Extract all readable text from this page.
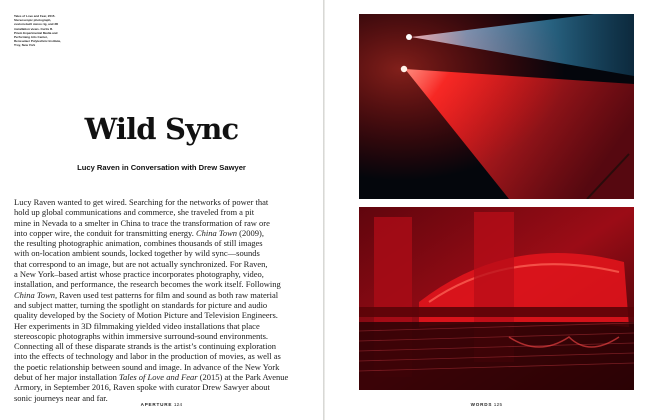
Tales of Love and Fear, 2015. Stereoscopic photograph, custom-built stereo rig, and 3D installation views. Curtis R. Priem Experimental Media and Performing Arts Center, Rensselaer Polytechnic Institute, Troy, New York
Wild Sync
Lucy Raven in Conversation with Drew Sawyer
Lucy Raven wanted to get wired. Searching for the networks of power that
hold up global communications and commerce, she traveled from a pit
mine in Nevada to a smelter in China to trace the transformation of raw ore
into copper wire, the conduit for transmitting energy. China Town (2009),
the resulting photographic animation, combines thousands of still images
with on-location ambient sounds, locked together by wild sync—sounds
that correspond to an image, but are not actually synchronized. For Raven,
a New York–based artist whose practice incorporates photography, video,
installation, and performance, the research becomes the work itself. Following
China Town, Raven used test patterns for film and sound as both raw material
and subject matter, turning the spotlight on standards for picture and audio
quality developed by the Society of Motion Picture and Television Engineers.
Her experiments in 3D filmmaking yielded video installations that place
stereoscopic photographs within immersive surround-sound environments.
Connecting all of these disparate strands is the artist’s continuing exploration
into the effects of technology and labor in the production of movies, as well as
the poetic relationship between sound and image. In advance of the New York
debut of her major installation Tales of Love and Fear (2015) at the Park Avenue
Armory, in September 2016, Raven spoke with curator Drew Sawyer about
sonic journeys near and far.
APERTURE 124	WORDS 125
